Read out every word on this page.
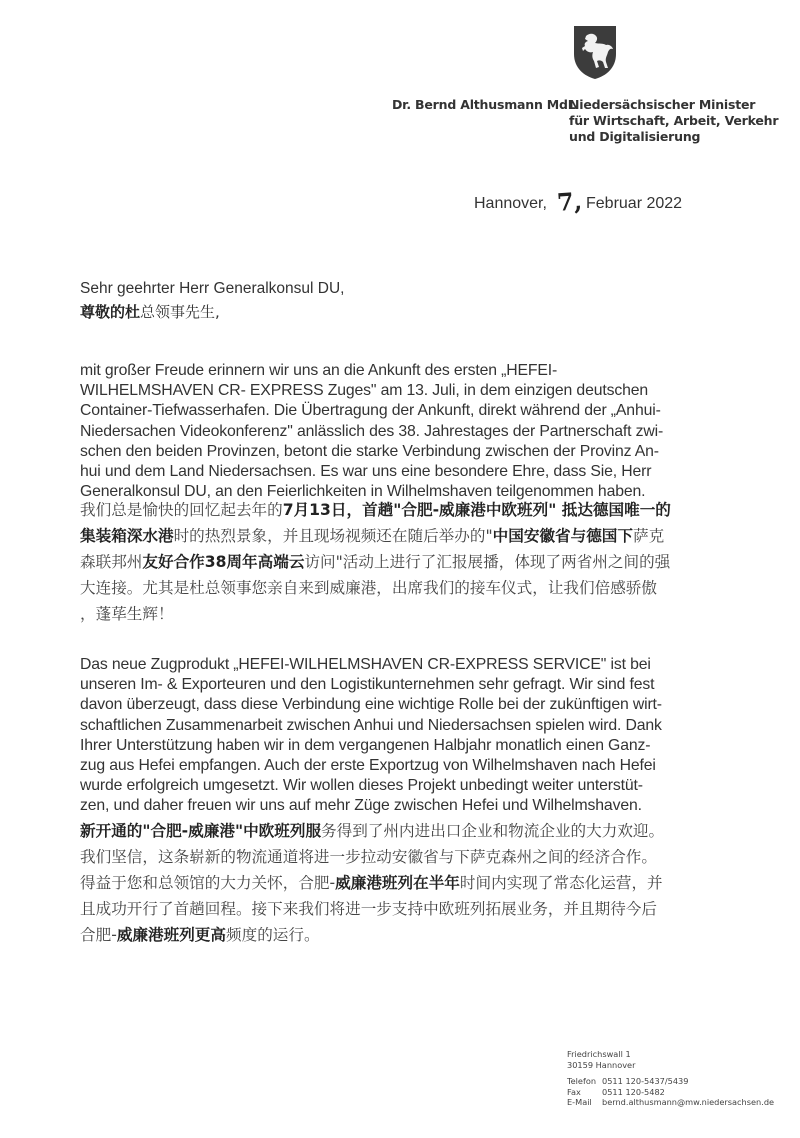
Dr. Bernd Althusmann MdL
Niedersächsischer Minister
für Wirtschaft, Arbeit, Verkehr
und Digitalisierung
Hannover, 7, Februar 2022
Sehr geehrter Herr Generalkonsul DU,
尊敬的杜总领事先生,
mit großer Freude erinnern wir uns an die Ankunft des ersten „HEFEI-
WILHELMSHAVEN CR- EXPRESS Zuges" am 13. Juli, in dem einzigen deutschen
Container-Tiefwasserhafen. Die Übertragung der Ankunft, direkt während der „Anhui-
Niedersachen Videokonferenz" anlässlich des 38. Jahrestages der Partnerschaft zwi-
schen den beiden Provinzen, betont die starke Verbindung zwischen der Provinz An-
hui und dem Land Niedersachsen. Es war uns eine besondere Ehre, dass Sie, Herr
Generalkonsul DU, an den Feierlichkeiten in Wilhelmshaven teilgenommen haben.
我们总是愉快的回忆起去年的7月13日，首趟"合肥-威廉港中欧班列" 抵达德国唯一的
集装箱深水港时的热烈景象，并且现场视频还在随后举办的"中国安徽省与德国下萨克
森联邦州友好合作38周年高端云访问"活动上进行了汇报展播，体现了两省州之间的强
大连接。尤其是杜总领事您亲自来到威廉港，出席我们的接车仪式，让我们倍感骄傲
，蓬荜生辉！
Das neue Zugprodukt „HEFEI-WILHELMSHAVEN CR-EXPRESS SERVICE" ist bei
unseren Im- & Exporteuren und den Logistikunternehmen sehr gefragt. Wir sind fest
davon überzeugt, dass diese Verbindung eine wichtige Rolle bei der zukünftigen wirt-
schaftlichen Zusammenarbeit zwischen Anhui und Niedersachsen spielen wird. Dank
Ihrer Unterstützung haben wir in dem vergangenen Halbjahr monatlich einen Ganz-
zug aus Hefei empfangen. Auch der erste Exportzug von Wilhelmshaven nach Hefei
wurde erfolgreich umgesetzt. Wir wollen dieses Projekt unbedingt weiter unterstüt-
zen, und daher freuen wir uns auf mehr Züge zwischen Hefei und Wilhelmshaven.
新开通的"合肥-威廉港"中欧班列服务得到了州内进出口企业和物流企业的大力欢迎。
我们坚信，这条崭新的物流通道将进一步拉动安徽省与下萨克森州之间的经济合作。
得益于您和总领馆的大力关怀，合肥-威廉港班列在半年时间内实现了常态化运营，并
且成功开行了首趟回程。接下来我们将进一步支持中欧班列拓展业务，并且期待今后
合肥-威廉港班列更高频度的运行。
Friedrichswall 1
30159 Hannover
Telefon 0511 120-5437/5439
Fax	0511 120-5482
E-Mail	bernd.althusmann@mw.niedersachsen.de
